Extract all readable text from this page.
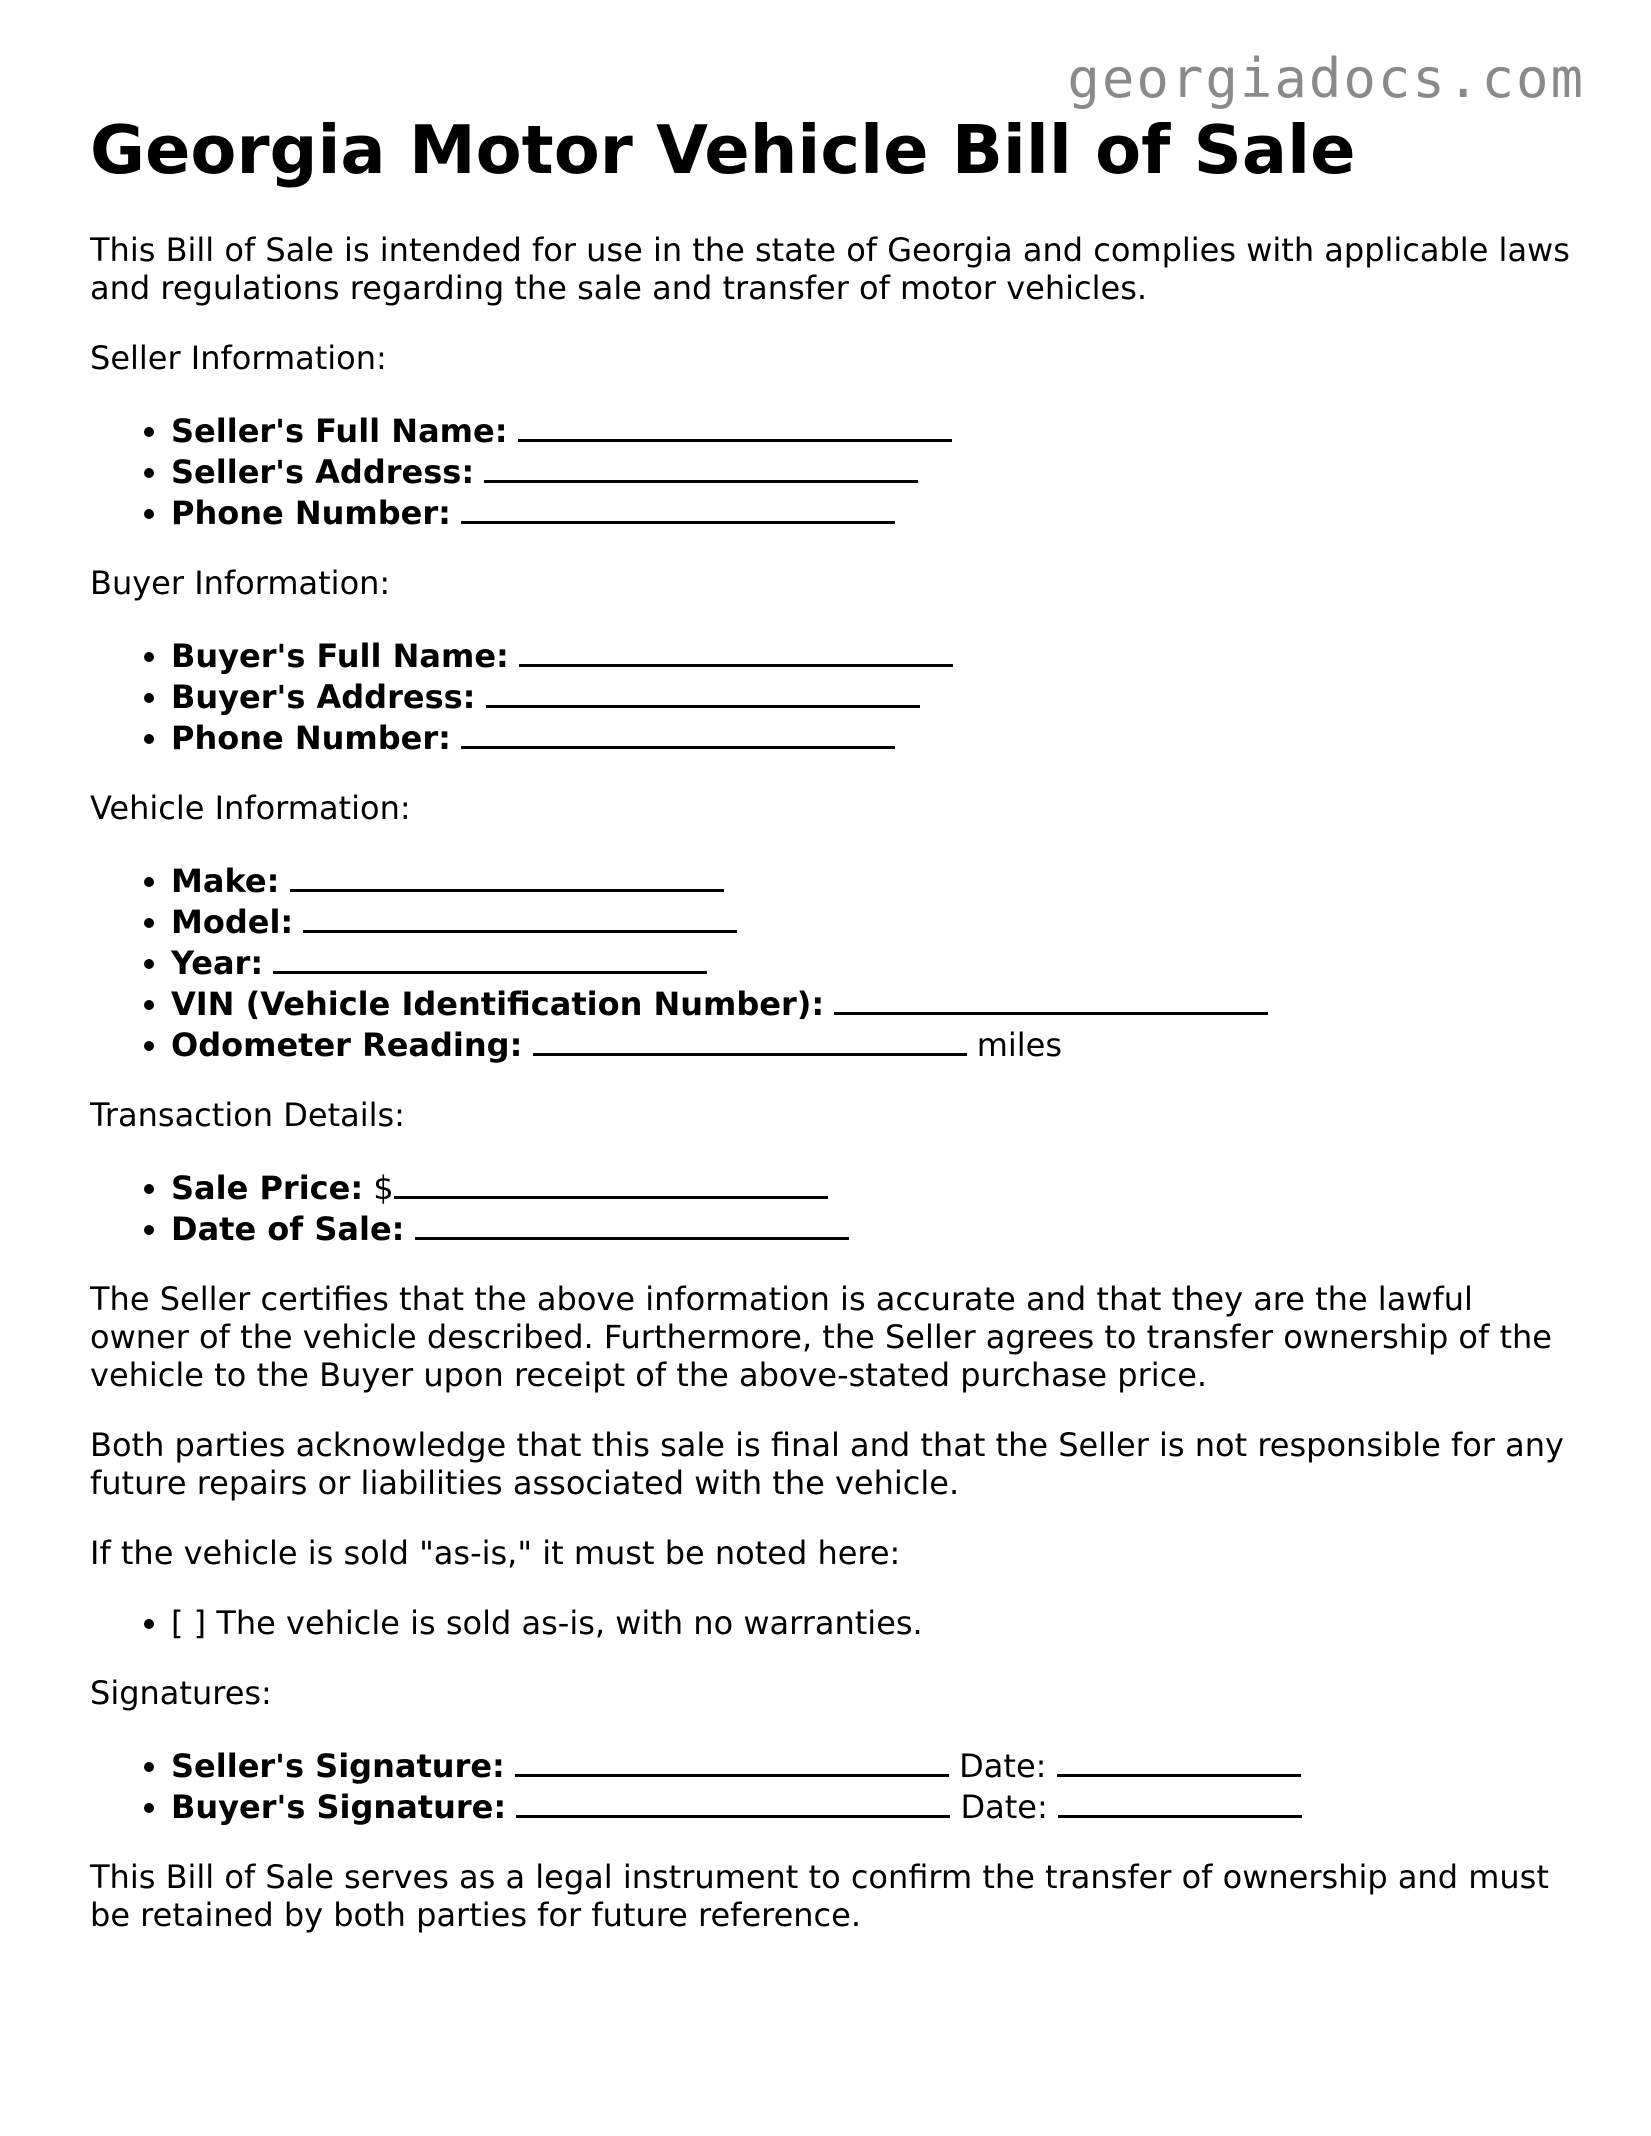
georgiadocs.com
Georgia Motor Vehicle Bill of Sale

This Bill of Sale is intended for use in the state of Georgia and complies with applicable laws and regulations regarding the sale and transfer of motor vehicles.

Seller Information:

• Seller's Full Name:
• Seller's Address:
• Phone Number:

Buyer Information:

• Buyer's Full Name:
• Buyer's Address:
• Phone Number:

Vehicle Information:

• Make:
• Model:
• Year:
• VIN (Vehicle Identification Number):
• Odometer Reading:	miles

Transaction Details:

• Sale Price: $
• Date of Sale:

The Seller certifies that the above information is accurate and that they are the lawful owner of the vehicle described. Furthermore, the Seller agrees to transfer ownership of the vehicle to the Buyer upon receipt of the above-stated purchase price.

Both parties acknowledge that this sale is final and that the Seller is not responsible for any future repairs or liabilities associated with the vehicle.

If the vehicle is sold "as-is," it must be noted here:

• [ ] The vehicle is sold as-is, with no warranties.

Signatures:

• Seller's Signature:	Date:
• Buyer's Signature:	Date:

This Bill of Sale serves as a legal instrument to confirm the transfer of ownership and must be retained by both parties for future reference.
